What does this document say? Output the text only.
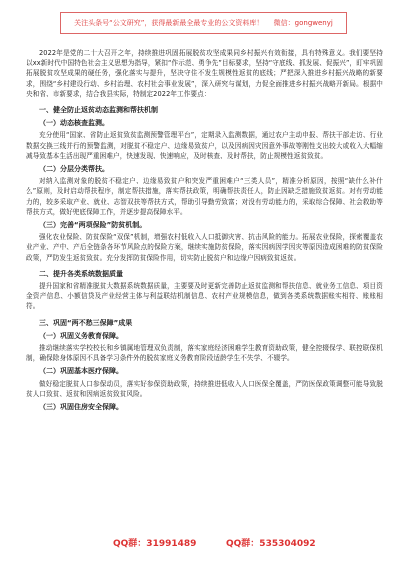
关注头条号“公文研究”，获得最新最全最专业的公文资料库！ 微信：gongwenyj

2022年是党的二十大召开之年，持续推进巩固拓展脱贫攻坚成果同乡村振兴有效衔接，具有特殊意义。我们要坚持以xx新时代中国特色社会主义思想为指导，紧扣“作示范、勇争先”目标要求，坚持“守底线、抓发展、促振兴”，盯牢巩固拓展脱贫攻坚成果的硬任务，强化落实与提升，坚决守住不发生规模性返贫的底线；严把深入推进乡村振兴战略的新要求，围绕“乡村建设行动、乡村治理、农村社会事业发展”，深入研究与谋划，力促全面推进乡村振兴战略开新局。根据中央和省、市新要求，结合我县实际，特制定2022年工作要点：

一、健全防止返贫动态监测和帮扶机制

（一）动态核查监测。

充分使用“国家、省防止返贫致贫监测预警管理平台”，定期录入监测数据，通过农户主动申报、帮扶干部走访、行业数据交换三线并行的预警监测，对脱贫不稳定户、边缘易致贫户，以及因病因灾因意外事故等刚性支出较大或收入大幅缩减导致基本生活出现严重困难户，快速发现、快速响应，及时核查、及时帮扶，防止规模性返贫致贫。

（二）分层分类帮扶。

对纳入监测对象的脱贫不稳定户、边缘易致贫户和突发严重困难户“三类人员”，精准分析原因，按照“缺什么补什么”原则，及时启动帮扶程序，制定帮扶措施，落实帮扶政策，明确帮扶责任人，防止因缺乏措施致贫返贫。对有劳动能力的，较多采取产业、就业、志智双扶等帮扶方式，帮助引导勤劳致富；对没有劳动能力的，采取综合保障、社会救助等帮扶方式，做好兜底保障工作，并逐步提高保障水平。

（三）完善“两项保险”防贫机制。

强化农业保险、防贫保险“双保”机制，增强农村低收入人口抵御灾害、抗击风险的能力。拓展农业保险，探索覆盖农业产业、产中、产后全链条各环节风险点的保险方案，继续实施防贫保险，落实因病因学因灾等原因造成困难的防贫保险政策，严防发生返贫致贫。充分发挥防贫保险作用，切实防止脱贫户和边缘户因病致贫返贫。

二、提升各类系统数据质量

提升国家和省精准脱贫大数据系统数据质量，主要要及时更新完善防止返贫监测和帮扶信息、就业务工信息、项目资金资产信息、小额信贷及产业经营主体与利益联结机制信息、农村产业规模信息，做到各类系统数据账实相符、账账相符。

三、巩固“两不愁三保障”成果

（一）巩固义务教育保障。

推动继续落实学校校长和乡镇属地管理双负责制，落实家庭经济困难学生教育资助政策，健全控辍保学、联控联保机制，确保除身体原因不具备学习条件外的脱贫家庭义务教育阶段适龄学生不失学、不辍学。

（二）巩固基本医疗保障。

做好稳定脱贫人口参保动员，落实好参保资助政策，持续推进低收入人口医保全覆盖，严防医保政策调整可能导致脱贫人口致贫、返贫和因病返贫致贫风险。

（三）巩固住房安全保障。

QQ群：31991489	QQ群：535304092
